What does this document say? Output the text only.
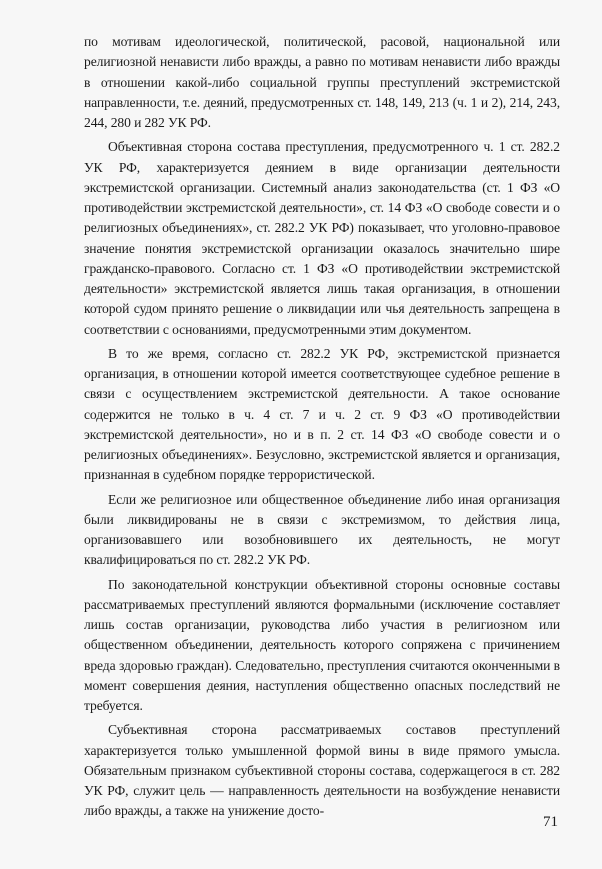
по мотивам идеологической, политической, расовой, национальной или религиозной ненависти либо вражды, а равно по мотивам ненависти либо вражды в отношении какой-либо социальной группы преступлений экстремистской направленности, т.е. деяний, предусмотренных ст. 148, 149, 213 (ч. 1 и 2), 214, 243, 244, 280 и 282 УК РФ.

Объективная сторона состава преступления, предусмотренного ч. 1 ст. 282.2 УК РФ, характеризуется деянием в виде организации деятельности экстремистской организации. Системный анализ законодательства (ст. 1 ФЗ «О противодействии экстремистской деятельности», ст. 14 ФЗ «О свободе совести и о религиозных объединениях», ст. 282.2 УК РФ) показывает, что уголовно-правовое значение понятия экстремистской организации оказалось значительно шире гражданско-правового. Согласно ст. 1 ФЗ «О противодействии экстремистской деятельности» экстремистской является лишь такая организация, в отношении которой судом принято решение о ликвидации или чья деятельность запрещена в соответствии с основаниями, предусмотренными этим документом.

В то же время, согласно ст. 282.2 УК РФ, экстремистской признается организация, в отношении которой имеется соответствующее судебное решение в связи с осуществлением экстремистской деятельности. А такое основание содержится не только в ч. 4 ст. 7 и ч. 2 ст. 9 ФЗ «О противодействии экстремистской деятельности», но и в п. 2 ст. 14 ФЗ «О свободе совести и о религиозных объединениях». Безусловно, экстремистской является и организация, признанная в судебном порядке террористической.

Если же религиозное или общественное объединение либо иная организация были ликвидированы не в связи с экстремизмом, то действия лица, организовавшего или возобновившего их деятельность, не могут квалифицироваться по ст. 282.2 УК РФ.

По законодательной конструкции объективной стороны основные составы рассматриваемых преступлений являются формальными (исключение составляет лишь состав организации, руководства либо участия в религиозном или общественном объединении, деятельность которого сопряжена с причинением вреда здоровью граждан). Следовательно, преступления считаются оконченными в момент совершения деяния, наступления общественно опасных последствий не требуется.

Субъективная сторона рассматриваемых составов преступлений характеризуется только умышленной формой вины в виде прямого умысла. Обязательным признаком субъективной стороны состава, содержащегося в ст. 282 УК РФ, служит цель — направленность деятельности на возбуждение ненависти либо вражды, а также на унижение досто-

71
